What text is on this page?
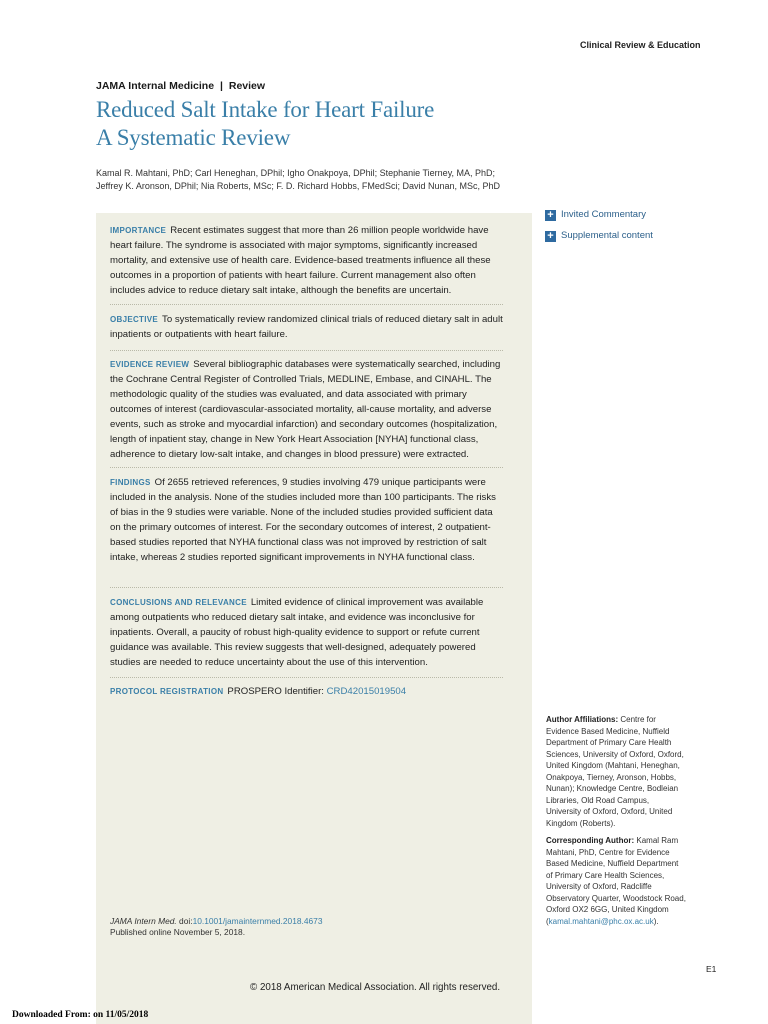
Clinical Review & Education
JAMA Internal Medicine | Review
Reduced Salt Intake for Heart Failure
A Systematic Review
Kamal R. Mahtani, PhD; Carl Heneghan, DPhil; Igho Onakpoya, DPhil; Stephanie Tierney, MA, PhD;
Jeffrey K. Aronson, DPhil; Nia Roberts, MSc; F. D. Richard Hobbs, FMedSci; David Nunan, MSc, PhD
+ Invited Commentary
+ Supplemental content
IMPORTANCE Recent estimates suggest that more than 26 million people worldwide have heart failure. The syndrome is associated with major symptoms, significantly increased mortality, and extensive use of health care. Evidence-based treatments influence all these outcomes in a proportion of patients with heart failure. Current management also often includes advice to reduce dietary salt intake, although the benefits are uncertain.
OBJECTIVE To systematically review randomized clinical trials of reduced dietary salt in adult inpatients or outpatients with heart failure.
EVIDENCE REVIEW Several bibliographic databases were systematically searched, including the Cochrane Central Register of Controlled Trials, MEDLINE, Embase, and CINAHL. The methodologic quality of the studies was evaluated, and data associated with primary outcomes of interest (cardiovascular-associated mortality, all-cause mortality, and adverse events, such as stroke and myocardial infarction) and secondary outcomes (hospitalization, length of inpatient stay, change in New York Heart Association [NYHA] functional class, adherence to dietary low-salt intake, and changes in blood pressure) were extracted.
FINDINGS Of 2655 retrieved references, 9 studies involving 479 unique participants were included in the analysis. None of the studies included more than 100 participants. The risks of bias in the 9 studies were variable. None of the included studies provided sufficient data on the primary outcomes of interest. For the secondary outcomes of interest, 2 outpatient-based studies reported that NYHA functional class was not improved by restriction of salt intake, whereas 2 studies reported significant improvements in NYHA functional class.
CONCLUSIONS AND RELEVANCE Limited evidence of clinical improvement was available among outpatients who reduced dietary salt intake, and evidence was inconclusive for inpatients. Overall, a paucity of robust high-quality evidence to support or refute current guidance was available. This review suggests that well-designed, adequately powered studies are needed to reduce uncertainty about the use of this intervention.
PROTOCOL REGISTRATION PROSPERO Identifier: CRD42015019504
JAMA Intern Med. doi:10.1001/jamainternmed.2018.4673
Published online November 5, 2018.
Author Affiliations: Centre for Evidence Based Medicine, Nuffield Department of Primary Care Health Sciences, University of Oxford, Oxford, United Kingdom (Mahtani, Heneghan, Onakpoya, Tierney, Aronson, Hobbs, Nunan); Knowledge Centre, Bodleian Libraries, Old Road Campus, University of Oxford, Oxford, United Kingdom (Roberts).
Corresponding Author: Kamal Ram Mahtani, PhD, Centre for Evidence Based Medicine, Nuffield Department of Primary Care Health Sciences, University of Oxford, Radcliffe Observatory Quarter, Woodstock Road, Oxford OX2 6GG, United Kingdom (kamal.mahtani@phc.ox.ac.uk).
E1
© 2018 American Medical Association. All rights reserved.
Downloaded From: on 11/05/2018
